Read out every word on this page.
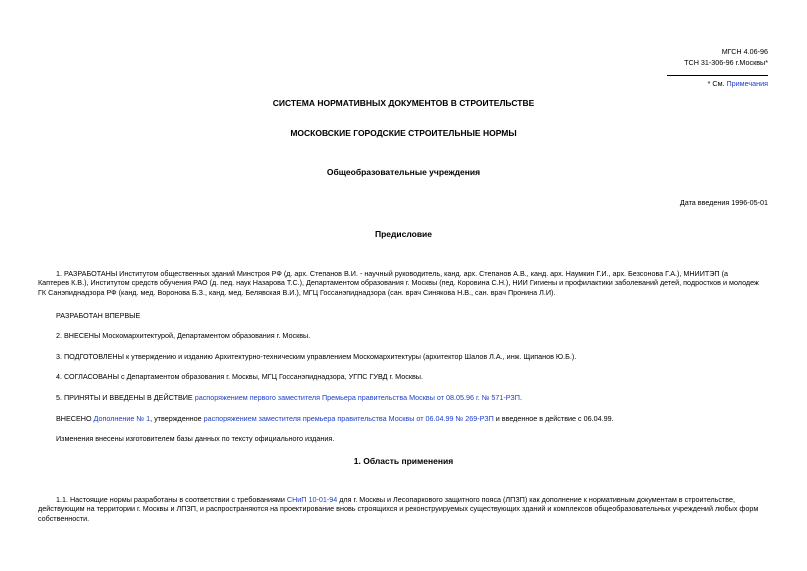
МГСН 4.06-96
ТСН 31-306-96 г.Москвы*
* См. Примечания
СИСТЕМА НОРМАТИВНЫХ ДОКУМЕНТОВ В СТРОИТЕЛЬСТВЕ
МОСКОВСКИЕ ГОРОДСКИЕ СТРОИТЕЛЬНЫЕ НОРМЫ
Общеобразовательные учреждения
Дата введения 1996-05-01
Предисловие
1. РАЗРАБОТАНЫ Институтом общественных зданий Минстроя РФ (д. арх. Степанов В.И. - научный руководитель, канд. арх. Степанов А.В., канд. арх. Наумкин Г.И., арх. Безсонова Г.А.), МНИИТЭП (а
Каптерев К.В.), Институтом средств обучения РАО (д. пед. наук Назарова Т.С.), Департаментом образования г. Москвы (пед. Коровина С.Н.), НИИ Гигиены и профилактики заболеваний детей, подростков и молодеж
ГК Санэпиднадзора РФ (канд. мед. Воронова Б.З., канд. мед. Белявская В.И.), МГЦ Госсанэпиднадзора (сан. врач Синякова Н.В., сан. врач Пронина Л.И).
РАЗРАБОТАН ВПЕРВЫЕ
2. ВНЕСЕНЫ Москомархитектурой, Департаментом образования г. Москвы.
3. ПОДГОТОВЛЕНЫ к утверждению и изданию Архитектурно-техническим управлением Москомархитектуры (архитектор Шалов Л.А., инж. Щипанов Ю.Б.).
4. СОГЛАСОВАНЫ с Департаментом образования г. Москвы, МГЦ Госсанэпиднадзора, УГПС ГУВД г. Москвы.
5. ПРИНЯТЫ И ВВЕДЕНЫ В ДЕЙСТВИЕ распоряжением первого заместителя Премьера правительства Москвы от 08.05.96 г. № 571-РЗП.
ВНЕСЕНО Дополнение № 1, утвержденное распоряжением заместителя премьера правительства Москвы от 06.04.99 № 269-РЗП и введенное в действие с 06.04.99.
Изменения внесены изготовителем базы данных по тексту официального издания.
1. Область применения
1.1. Настоящие нормы разработаны в соответствии с требованиями СНиП 10-01-94 для г. Москвы и Лесопаркового защитного пояса (ЛПЗП) как дополнение к нормативным документам в строительстве,
действующим на территории г. Москвы и ЛПЗП, и распространяются на проектирование вновь строящихся и реконструируемых существующих зданий и комплексов общеобразовательных учреждений любых форм
собственности.
